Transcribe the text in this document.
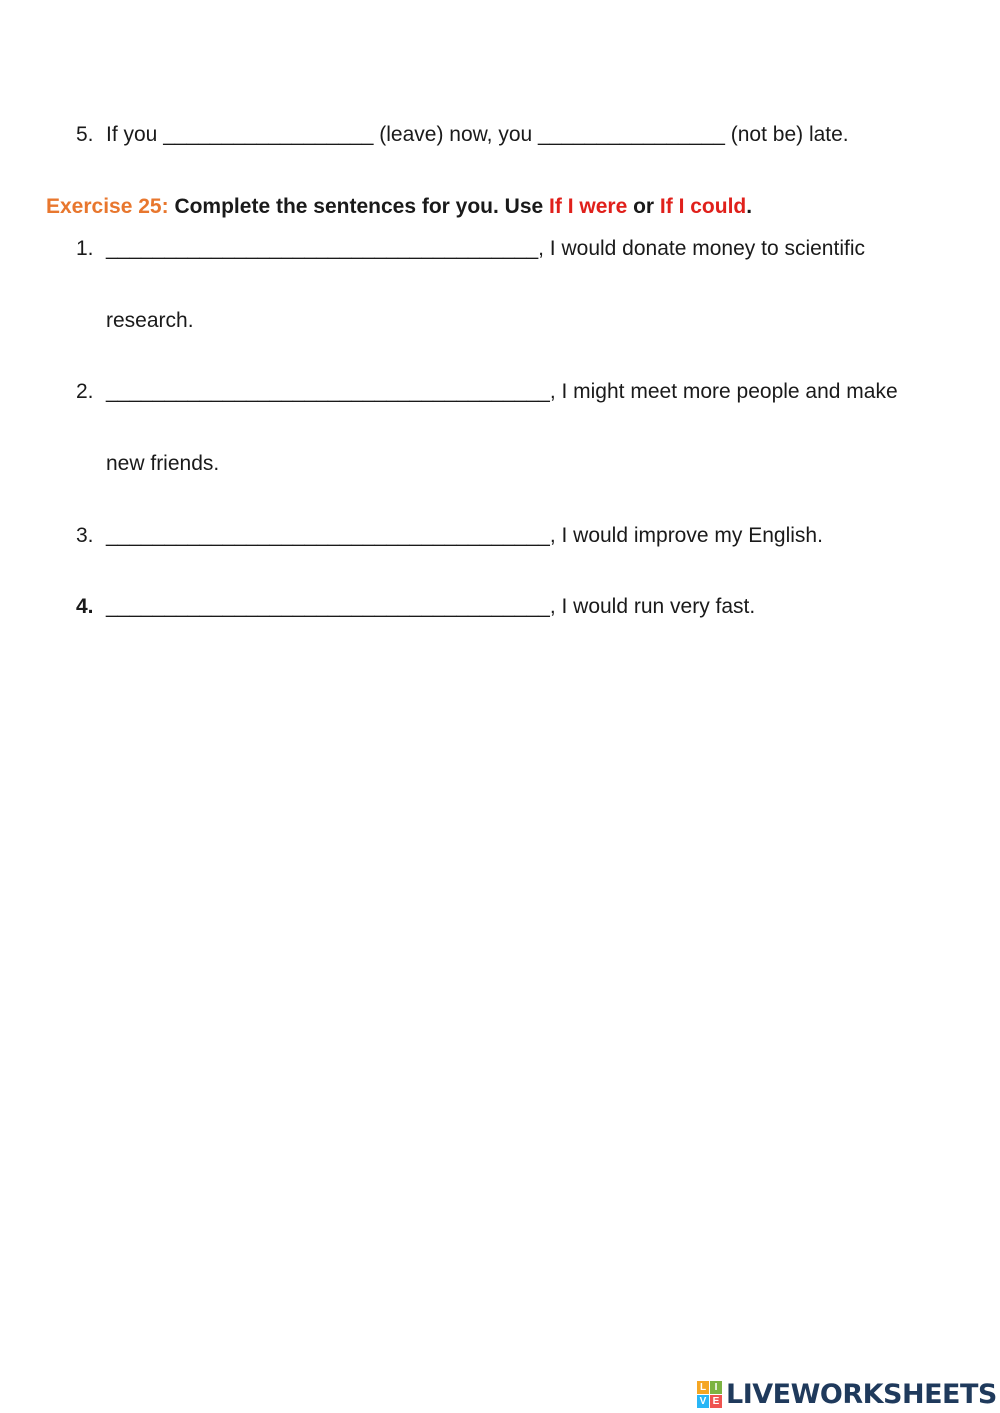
5. If you __________________ (leave) now, you ________________ (not be) late.
Exercise 25: Complete the sentences for you. Use If I were or If I could.
1. _____________________________________, I would donate money to scientific
research.
2. ______________________________________, I might meet more people and make
new friends.
3. ______________________________________, I would improve my English.
4. ______________________________________, I would run very fast.
L I
V E LIVEWORKSHEETS
